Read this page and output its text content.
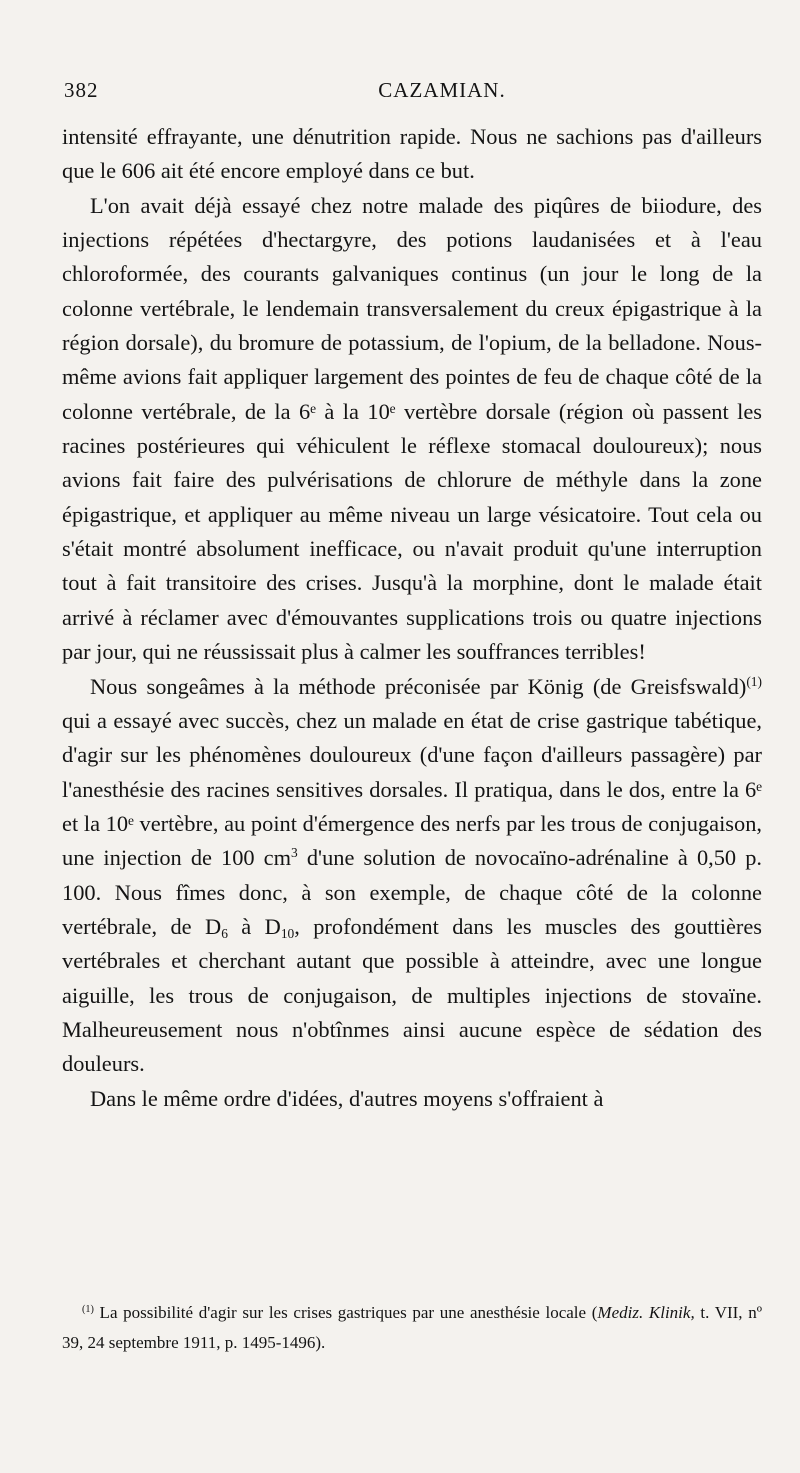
382	CAZAMIAN.

intensité effrayante, une dénutrition rapide. Nous ne sachions pas d'ailleurs que le 606 ait été encore employé dans ce but.

L'on avait déjà essayé chez notre malade des piqûres de biiodure, des injections répétées d'hectargyre, des potions laudanisées et à l'eau chloroformée, des courants galvaniques continus (un jour le long de la colonne vertébrale, le lendemain transversalement du creux épigastrique à la région dorsale), du bromure de potassium, de l'opium, de la belladone. Nous-même avions fait appliquer largement des pointes de feu de chaque côté de la colonne vertébrale, de la 6ᵉ à la 10ᵉ vertèbre dorsale (région où passent les racines postérieures qui véhiculent le réflexe stomacal douloureux); nous avions fait faire des pulvérisations de chlorure de méthyle dans la zone épigastrique, et appliquer au même niveau un large vésicatoire. Tout cela ou s'était montré absolument inefficace, ou n'avait produit qu'une interruption tout à fait transitoire des crises. Jusqu'à la morphine, dont le malade était arrivé à réclamer avec d'émouvantes supplications trois ou quatre injections par jour, qui ne réussissait plus à calmer les souffrances terribles!

Nous songeâmes à la méthode préconisée par König (de Greisfswald)$^{(1)}$ qui a essayé avec succès, chez un malade en état de crise gastrique tabétique, d'agir sur les phénomènes douloureux (d'une façon d'ailleurs passagère) par l'anesthésie des racines sensitives dorsales. Il pratiqua, dans le dos, entre la 6ᵉ et la 10ᵉ vertèbre, au point d'émergence des nerfs par les trous de conjugaison, une injection de 100 $cm^3$ d'une solution de novocaïno-adrénaline à 0,50 p. 100. Nous fîmes donc, à son exemple, de chaque côté de la colonne vertébrale, de $D_6$ à $D_{10}$, profondément dans les muscles des gouttières vertébrales et cherchant autant que possible à atteindre, avec une longue aiguille, les trous de conjugaison, de multiples injections de stovaïne. Malheureusement nous n'obtînmes ainsi aucune espèce de sédation des douleurs.

Dans le même ordre d'idées, d'autres moyens s'offraient à

$^{(1)}$ La possibilité d'agir sur les crises gastriques par une anesthésie locale (Mediz. Klinik, t. VII, nº 39, 24 septembre 1911, p. 1495-1496).
